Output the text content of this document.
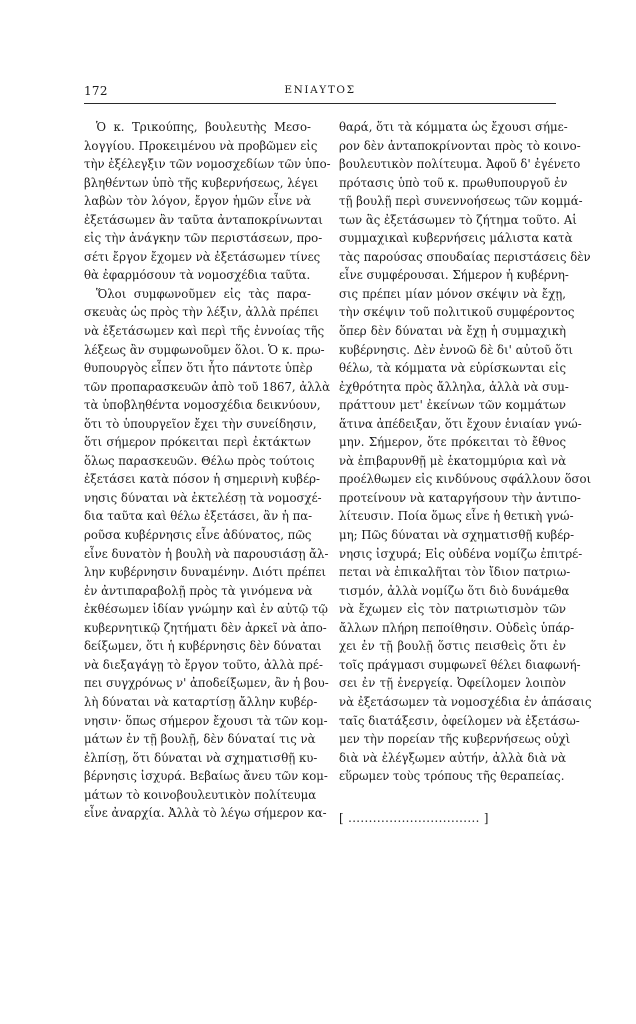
172	ΕΝΙΑΥΤΟΣ
Ὁ κ. Τρικούπης, βουλευτὴς Μεσο-
λογγίου. Προκειμένου νὰ προβῶμεν εἰς
τὴν ἐξέλεγξιν τῶν νομοσχεδίων τῶν ὑπο-
βληθέντων ὑπὸ τῆς κυβερνήσεως, λέγει
λαβὼν τὸν λόγον, ἔργον ἡμῶν εἶνε νὰ
ἐξετάσωμεν ἂν ταῦτα ἀνταποκρίνωνται
εἰς τὴν ἀνάγκην τῶν περιστάσεων, προ-
σέτι ἔργον ἔχομεν νὰ ἐξετάσωμεν τίνες
θὰ ἐφαρμόσουν τὰ νομοσχέδια ταῦτα.
Ὅλοι συμφωνοῦμεν εἰς τὰς παρα-
σκευὰς ὡς πρὸς τὴν λέξιν, ἀλλὰ πρέπει
νὰ ἐξετάσωμεν καὶ περὶ τῆς ἐννοίας τῆς
λέξεως ἂν συμφωνοῦμεν ὅλοι. Ὁ κ. πρω-
θυπουργὸς εἶπεν ὅτι ἦτο πάντοτε ὑπὲρ
τῶν προπαρασκευῶν ἀπὸ τοῦ 1867, ἀλλὰ
τὰ ὑποβληθέντα νομοσχέδια δεικνύουν,
ὅτι τὸ ὑπουργεῖον ἔχει τὴν συνείδησιν,
ὅτι σήμερον πρόκειται περὶ ἐκτάκτων
ὅλως παρασκευῶν. Θέλω πρὸς τούτοις
ἐξετάσει κατὰ πόσον ἡ σημερινὴ κυβέρ-
νησις δύναται νὰ ἐκτελέσῃ τὰ νομοσχέ-
δια ταῦτα καὶ θέλω ἐξετάσει, ἂν ἡ πα-
ροῦσα κυβέρνησις εἶνε ἀδύνατος, πῶς
εἶνε δυνατὸν ἡ βουλὴ νὰ παρουσιάσῃ ἄλ-
λην κυβέρνησιν δυναμένην. Διότι πρέπει
ἐν ἀντιπαραβολῇ πρὸς τὰ γινόμενα νὰ
ἐκθέσωμεν ἰδίαν γνώμην καὶ ἐν αὐτῷ τῷ
κυβερνητικῷ ζητήματι δὲν ἀρκεῖ νὰ ἀπο-
δείξωμεν, ὅτι ἡ κυβέρνησις δὲν δύναται
νὰ διεξαγάγῃ τὸ ἔργον τοῦτο, ἀλλὰ πρέ-
πει συγχρόνως ν' ἀποδείξωμεν, ἂν ἡ βου-
λὴ δύναται νὰ καταρτίσῃ ἄλλην κυβέρ-
νησιν· ὅπως σήμερον ἔχουσι τὰ τῶν κομ-
μάτων ἐν τῇ βουλῇ, δὲν δύναταί τις νὰ
ἐλπίσῃ, ὅτι δύναται νὰ σχηματισθῇ κυ-
βέρνησις ἰσχυρά. Βεβαίως ἄνευ τῶν κομ-
μάτων τὸ κοινοβουλευτικὸν πολίτευμα
εἶνε ἀναρχία. Ἀλλὰ τὸ λέγω σήμερον κα-
θαρά, ὅτι τὰ κόμματα ὡς ἔχουσι σήμε-
ρον δὲν ἀνταποκρίνονται πρὸς τὸ κοινο-
βουλευτικὸν πολίτευμα. Ἀφοῦ δ' ἐγένετο
πρότασις ὑπὸ τοῦ κ. πρωθυπουργοῦ ἐν
τῇ βουλῇ περὶ συνεννοήσεως τῶν κομμά-
των ἃς ἐξετάσωμεν τὸ ζήτημα τοῦτο. Αἱ
συμμαχικαὶ κυβερνήσεις μάλιστα κατὰ
τὰς παρούσας σπουδαίας περιστάσεις δὲν
εἶνε συμφέρουσαι. Σήμερον ἡ κυβέρνη-
σις πρέπει μίαν μόνον σκέψιν νὰ ἔχῃ,
τὴν σκέψιν τοῦ πολιτικοῦ συμφέροντος
ὅπερ δὲν δύναται νὰ ἔχῃ ἡ συμμαχικὴ
κυβέρνησις. Δὲν ἐννοῶ δὲ δι' αὐτοῦ ὅτι
θέλω, τὰ κόμματα νὰ εὑρίσκωνται εἰς
ἐχθρότητα πρὸς ἄλληλα, ἀλλὰ νὰ συμ-
πράττουν μετ' ἐκείνων τῶν κομμάτων
ἅτινα ἀπέδειξαν, ὅτι ἔχουν ἑνιαίαν γνώ-
μην. Σήμερον, ὅτε πρόκειται τὸ ἔθνος
νὰ ἐπιβαρυνθῇ μὲ ἑκατομμύρια καὶ νὰ
προέλθωμεν εἰς κινδύνους σφάλλουν ὅσοι
προτείνουν νὰ καταργήσουν τὴν ἀντιπο-
λίτευσιν. Ποία ὅμως εἶνε ἡ θετικὴ γνώ-
μη; Πῶς δύναται νὰ σχηματισθῇ κυβέρ-
νησις ἰσχυρά; Εἰς οὐδένα νομίζω ἐπιτρέ-
πεται νὰ ἐπικαλῆται τὸν ἴδιον πατριω-
τισμόν, ἀλλὰ νομίζω ὅτι διὸ δυνάμεθα
νὰ ἔχωμεν εἰς τὸν πατριωτισμὸν τῶν
ἄλλων πλήρη πεποίθησιν. Οὐδεὶς ὑπάρ-
χει ἐν τῇ βουλῇ ὅστις πεισθεὶς ὅτι ἐν
τοῖς πράγμασι συμφωνεῖ θέλει διαφωνή-
σει ἐν τῇ ἐνεργείᾳ. Ὀφείλομεν λοιπὸν
νὰ ἐξετάσωμεν τὰ νομοσχέδια ἐν ἁπάσαις
ταῖς διατάξεσιν, ὀφείλομεν νὰ ἐξετάσω-
μεν τὴν πορείαν τῆς κυβερνήσεως οὐχὶ
διὰ νὰ ἐλέγξωμεν αὐτήν, ἀλλὰ διὰ νὰ
εὕρωμεν τοὺς τρόπους τῆς θεραπείας.
[ ................................ ]
